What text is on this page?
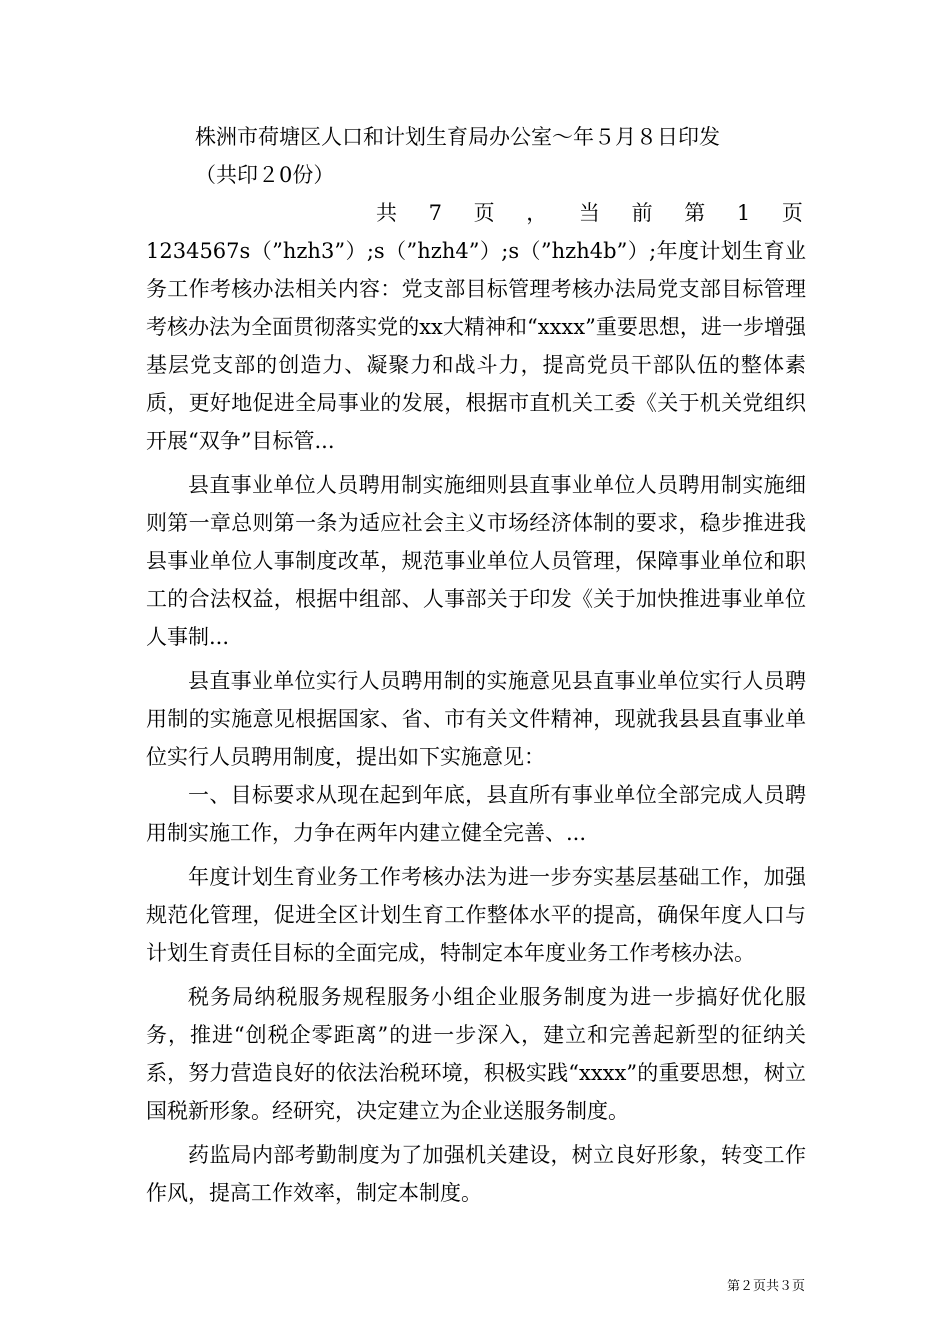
株洲市荷塘区人口和计划生育局办公室～年５月８日印发

（共印２0份）

共 7 页 ， 当 前 第 1 页

1234567s（”hzh3”）;s（”hzh4”）;s（”hzh4b”）;年度计划生育业务工作考核办法相关内容：党支部目标管理考核办法局党支部目标管理考核办法为全面贯彻落实党的xx大精神和“xxxx”重要思想，进一步增强基层党支部的创造力、凝聚力和战斗力，提高党员干部队伍的整体素质，更好地促进全局事业的发展，根据市直机关工委《关于机关党组织开展“双争”目标管...

县直事业单位人员聘用制实施细则县直事业单位人员聘用制实施细则第一章总则第一条为适应社会主义市场经济体制的要求，稳步推进我县事业单位人事制度改革，规范事业单位人员管理，保障事业单位和职工的合法权益，根据中组部、人事部关于印发《关于加快推进事业单位人事制...

县直事业单位实行人员聘用制的实施意见县直事业单位实行人员聘用制的实施意见根据国家、省、市有关文件精神，现就我县县直事业单位实行人员聘用制度，提出如下实施意见：

一、目标要求从现在起到年底，县直所有事业单位全部完成人员聘用制实施工作，力争在两年内建立健全完善、...

年度计划生育业务工作考核办法为进一步夯实基层基础工作，加强规范化管理，促进全区计划生育工作整体水平的提高，确保年度人口与计划生育责任目标的全面完成，特制定本年度业务工作考核办法。

税务局纳税服务规程服务小组企业服务制度为进一步搞好优化服务，推进“创税企零距离”的进一步深入，建立和完善起新型的征纳关系，努力营造良好的依法治税环境，积极实践“xxxx”的重要思想，树立国税新形象。经研究，决定建立为企业送服务制度。

药监局内部考勤制度为了加强机关建设，树立良好形象，转变工作作风，提高工作效率，制定本制度。

第２页共３页
